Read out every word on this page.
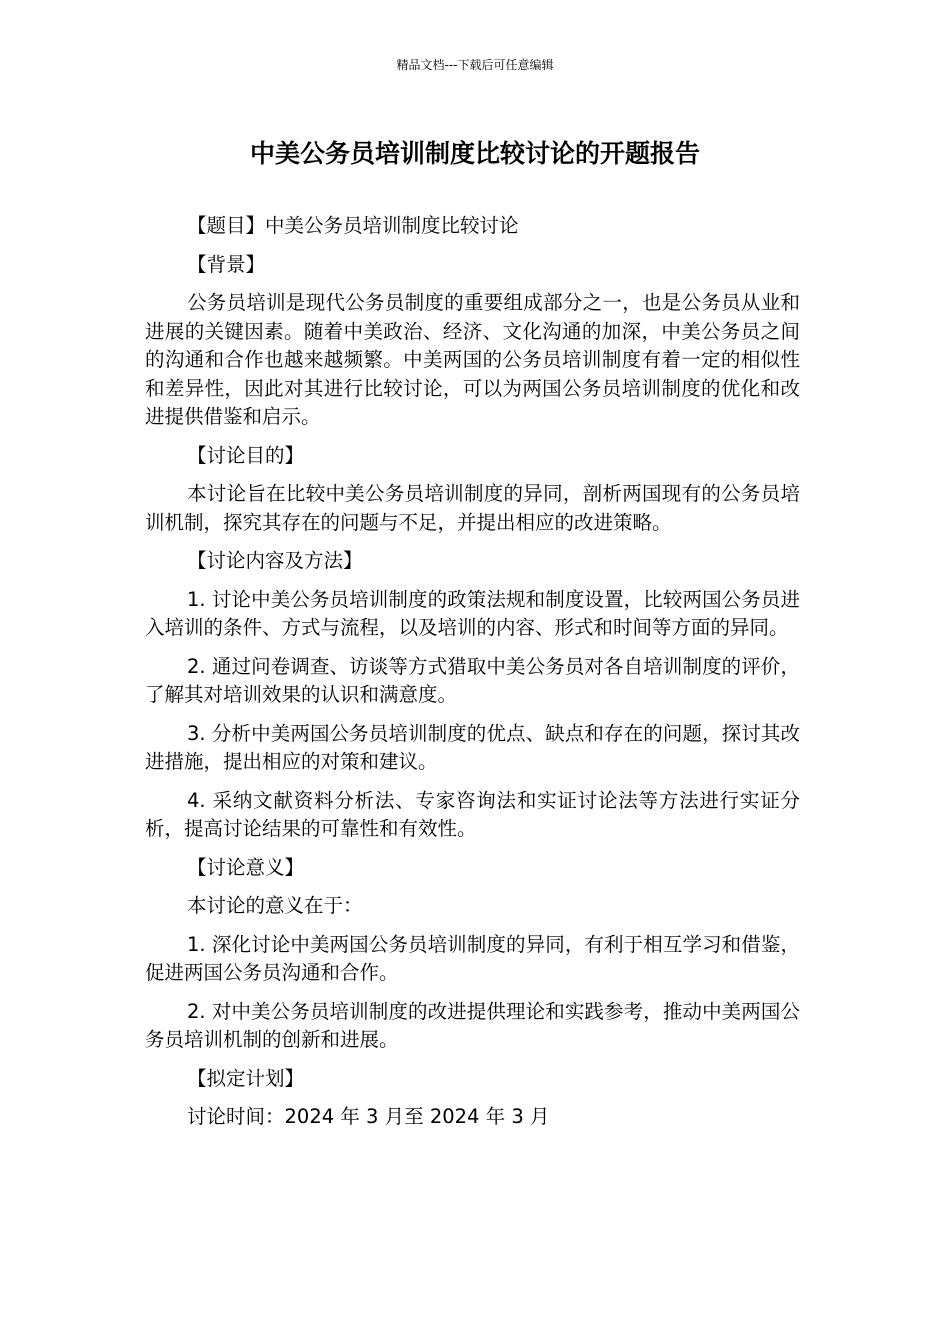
精品文档---下载后可任意编辑
中美公务员培训制度比较讨论的开题报告

【题目】中美公务员培训制度比较讨论

【背景】

公务员培训是现代公务员制度的重要组成部分之一，也是公务员从业和进展的关键因素。随着中美政治、经济、文化沟通的加深，中美公务员之间的沟通和合作也越来越频繁。中美两国的公务员培训制度有着一定的相似性和差异性，因此对其进行比较讨论，可以为两国公务员培训制度的优化和改进提供借鉴和启示。

【讨论目的】

本讨论旨在比较中美公务员培训制度的异同，剖析两国现有的公务员培训机制，探究其存在的问题与不足，并提出相应的改进策略。

【讨论内容及方法】

1. 讨论中美公务员培训制度的政策法规和制度设置，比较两国公务员进入培训的条件、方式与流程，以及培训的内容、形式和时间等方面的异同。

2. 通过问卷调查、访谈等方式猎取中美公务员对各自培训制度的评价，了解其对培训效果的认识和满意度。

3. 分析中美两国公务员培训制度的优点、缺点和存在的问题，探讨其改进措施，提出相应的对策和建议。

4. 采纳文献资料分析法、专家咨询法和实证讨论法等方法进行实证分析，提高讨论结果的可靠性和有效性。

【讨论意义】

本讨论的意义在于：

1. 深化讨论中美两国公务员培训制度的异同，有利于相互学习和借鉴，促进两国公务员沟通和合作。

2. 对中美公务员培训制度的改进提供理论和实践参考，推动中美两国公务员培训机制的创新和进展。

【拟定计划】

讨论时间：2024 年 3 月至 2024 年 3 月
